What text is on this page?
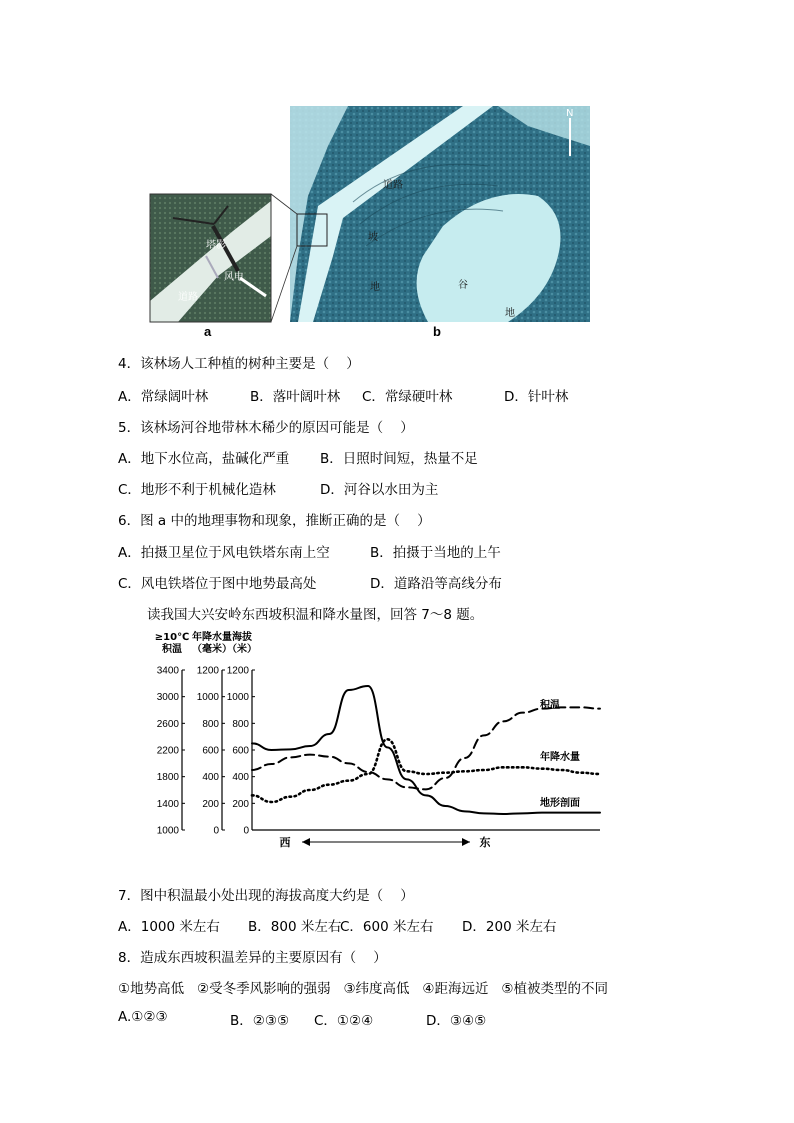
塔影
风电
道路
道路
坡
地	谷
地
N
a	b
4．该林场人工种植的树种主要是（    ）
A．常绿阔叶林	B．落叶阔叶林 C．常绿硬叶林	D．针叶林
5．该林场河谷地带林木稀少的原因可能是（    ）
A．地下水位高，盐碱化严重 B．日照时间短，热量不足
C．地形不利于机械化造林	D．河谷以水田为主
6．图 a 中的地理事物和现象，推断正确的是（    ）
A．拍摄卫星位于风电铁塔东南上空	B．拍摄于当地的上午
C．风电铁塔位于图中地势最高处	D．道路沿等高线分布
读我国大兴安岭东西坡积温和降水量图，回答 7～8 题。
3400
3000
2600
2200
1800
1400
1000
≥10℃
积温
1200
1000
800
600
400
200
0
年降水量
（毫米）
1200
1000
800
600
400
200
0
海拔
（米）
积温
年降水量
地形剖面
西	东
7．图中积温最小处出现的海拔高度大约是（    ）
A．1000 米左右 B．800 米左右
C．600 米左右 D．200 米左右
8．造成东西坡积温差异的主要原因有（    ）
①地势高低   ②受冬季风影响的强弱   ③纬度高低   ④距海远近   ⑤植被类型的不同
A.①②③	B．②③⑤ C．①②④	D．③④⑤
